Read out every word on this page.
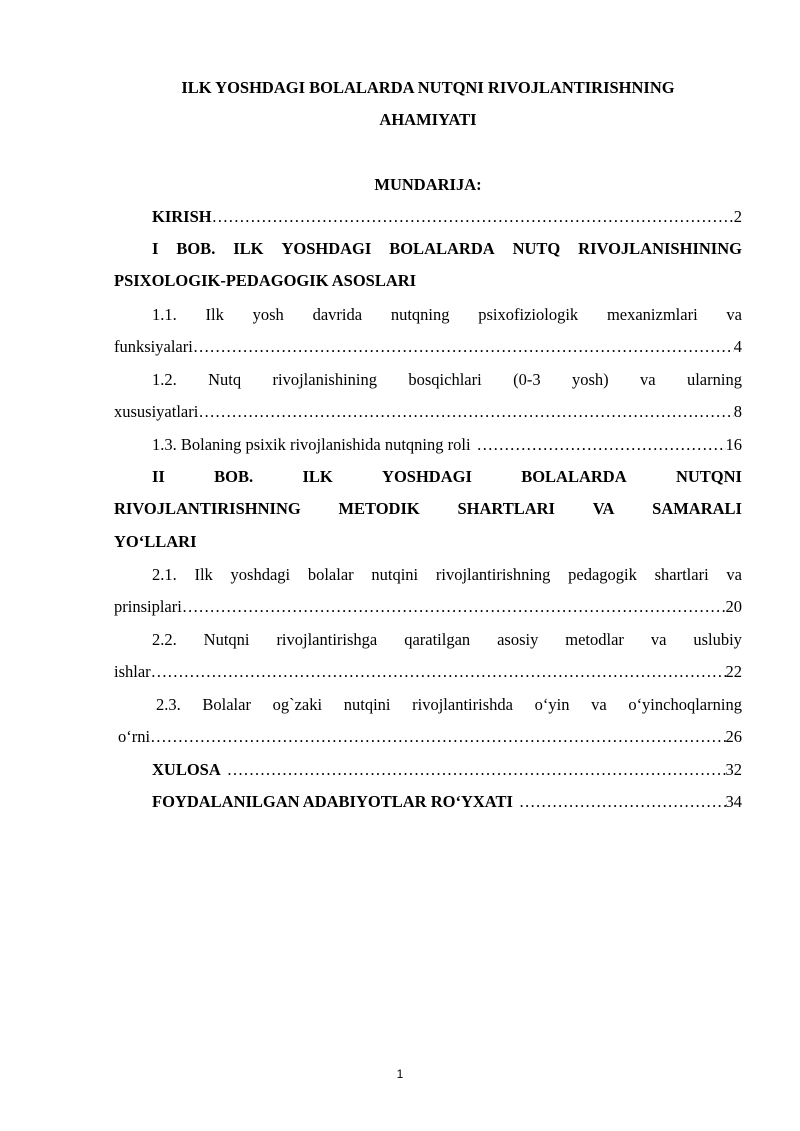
ILK YOSHDAGI BOLALARDA NUTQNI RIVOJLANTIRISHNING
AHAMIYATI
MUNDARIJA:
KIRISH ……………………………………………………………………………………………………………………………………………	2
I BOB. ILK YOSHDAGI BOLALARDA NUTQ RIVOJLANISHINING
PSIXOLOGIK-PEDAGOGIK ASOSLARI
1.1. Ilk yosh davrida nutqning psixofiziologik mexanizmlari va
funksiyalari ……………………………………………………………………………………………………………………………………………	4
1.2. Nutq rivojlanishining bosqichlari (0-3 yosh) va ularning
xususiyatlari ……………………………………………………………………………………………………………………………………………	8
1.3. Bolaning psixik rivojlanishida nutqning roli ……………………………………………………………………………………………………………………………………………	16
II	BOB.	ILK	YOSHDAGI	BOLALARDA	NUTQNI
RIVOJLANTIRISHNING METODIK SHARTLARI VA SAMARALI
YOʻLLARI
2.1. Ilk yoshdagi bolalar nutqini rivojlantirishning pedagogik shartlari va
prinsiplari ……………………………………………………………………………………………………………………………………………	20
2.2. Nutqni rivojlantirishga qaratilgan asosiy metodlar va uslubiy
ishlar ……………………………………………………………………………………………………………………………………………	22
2.3. Bolalar og`zaki nutqini rivojlantirishda oʻyin va oʻyinchoqlarning
oʻrni ……………………………………………………………………………………………………………………………………………	26
XULOSA ……………………………………………………………………………………………………………………………………………	32
FOYDALANILGAN ADABIYOTLAR ROʻYXATI ……………………………………………………………………………………………………………………………………………	34
1
